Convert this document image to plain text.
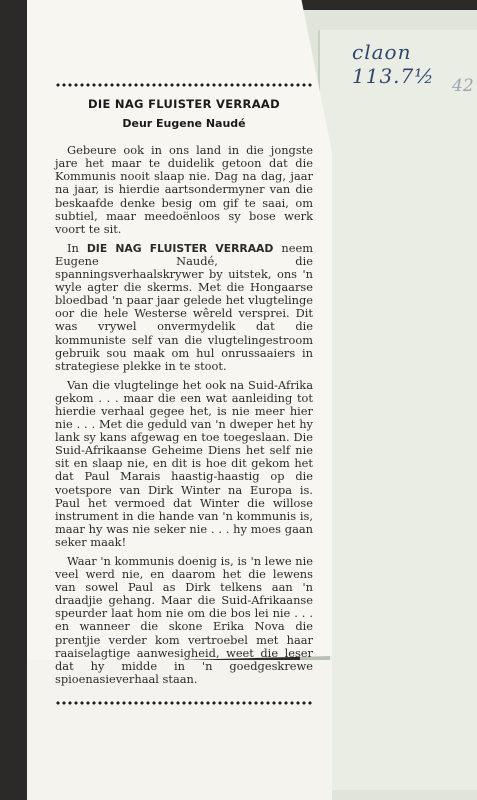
claon 113.7½	42
DIE NAG FLUISTER VERRAAD
Deur Eugene Naudé

Gebeure ook in ons land in die jongste jare het maar te duidelik getoon dat die Kommunis nooit slaap nie. Dag na dag, jaar na jaar, is hierdie aartsondermyner van die beskaafde denke besig om gif te saai, om subtiel, maar meedoënloos sy bose werk voort te sit.

In DIE NAG FLUISTER VERRAAD neem Eugene Naudé, die spanningsverhaalskrywer by uitstek, ons 'n wyle agter die skerms. Met die Hongaarse bloedbad 'n paar jaar gelede het vlugtelinge oor die hele Westerse wêreld versprei. Dit was vrywel onvermydelik dat die kommuniste self van die vlugtelingestroom gebruik sou maak om hul onrussaaiers in strategiese plekke in te stoot.

Van die vlugtelinge het ook na Suid-Afrika gekom . . . maar die een wat aanleiding tot hierdie verhaal gegee het, is nie meer hier nie . . . Met die geduld van 'n dweper het hy lank sy kans afgewag en toe toegeslaan. Die Suid-Afrikaanse Geheime Diens het self nie sit en slaap nie, en dit is hoe dit gekom het dat Paul Marais haastig-haastig op die voetspore van Dirk Winter na Europa is. Paul het vermoed dat Winter die willose instrument in die hande van 'n kommunis is, maar hy was nie seker nie . . . hy moes gaan seker maak!

Waar 'n kommunis doenig is, is 'n lewe nie veel werd nie, en daarom het die lewens van sowel Paul as Dirk telkens aan 'n draadjie gehang. Maar die Suid-Afrikaanse speurder laat hom nie om die bos lei nie . . . en wanneer die skone Erika Nova die prentjie verder kom vertroebel met haar raaiselagtige aanwesigheid, weet die leser dat hy midde in 'n goedgeskrewe spioenasieverhaal staan.
